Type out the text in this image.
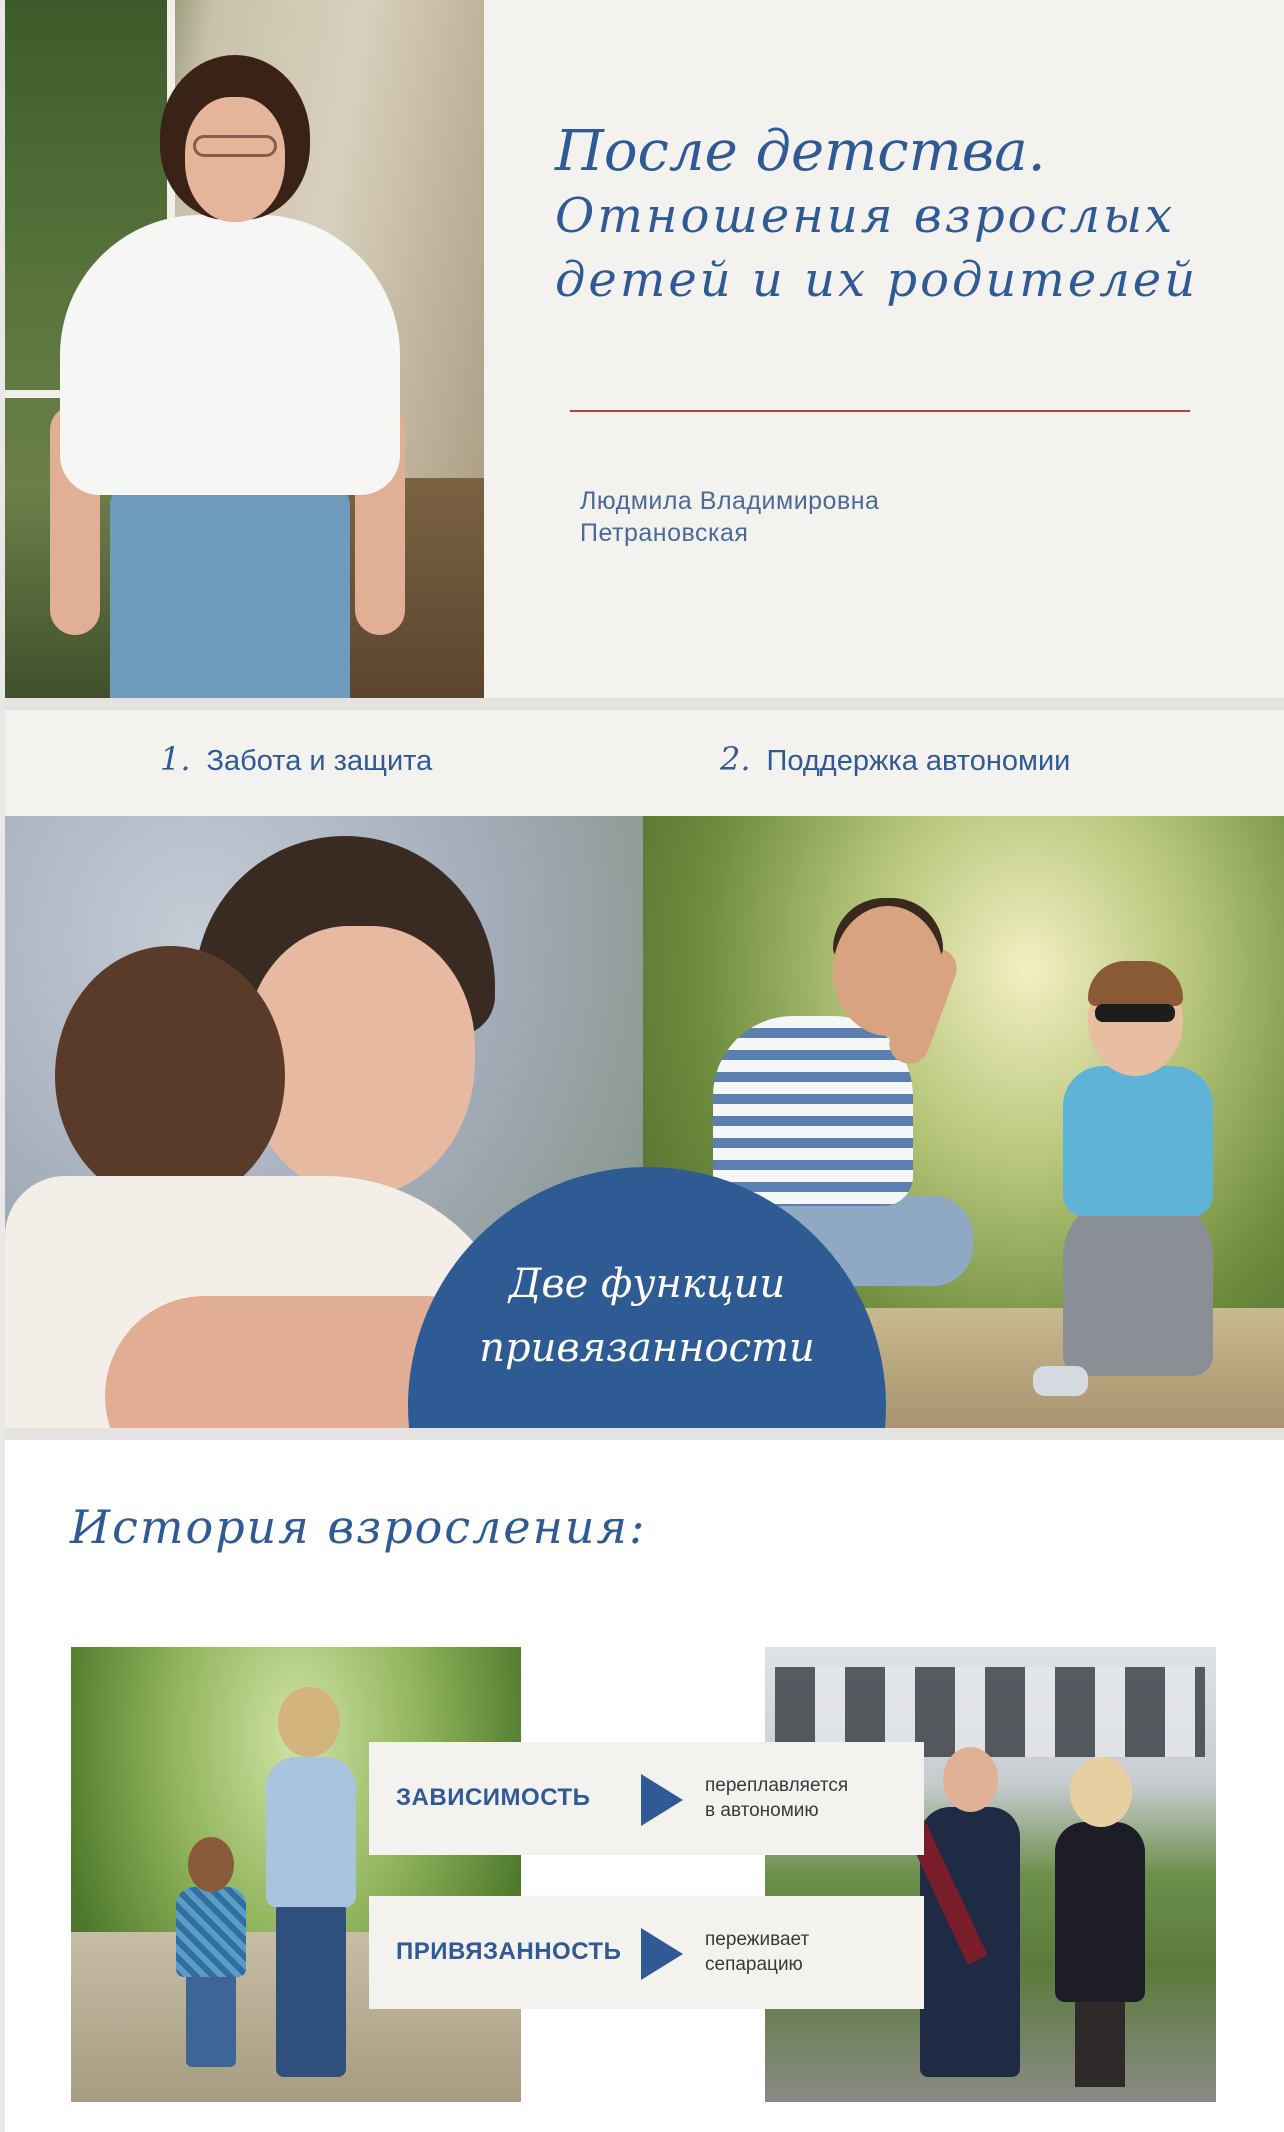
После детства.
Отношения взрослых
детей и их родителей
Людмила Владимировна
Петрановская
1. Забота и защита	2. Поддержка автономии
Две функции
привязанности
История взросления:
ЗАВИСИМОСТЬ	переплавляется
в автономию
ПРИВЯЗАННОСТЬ	переживает
сепарацию
